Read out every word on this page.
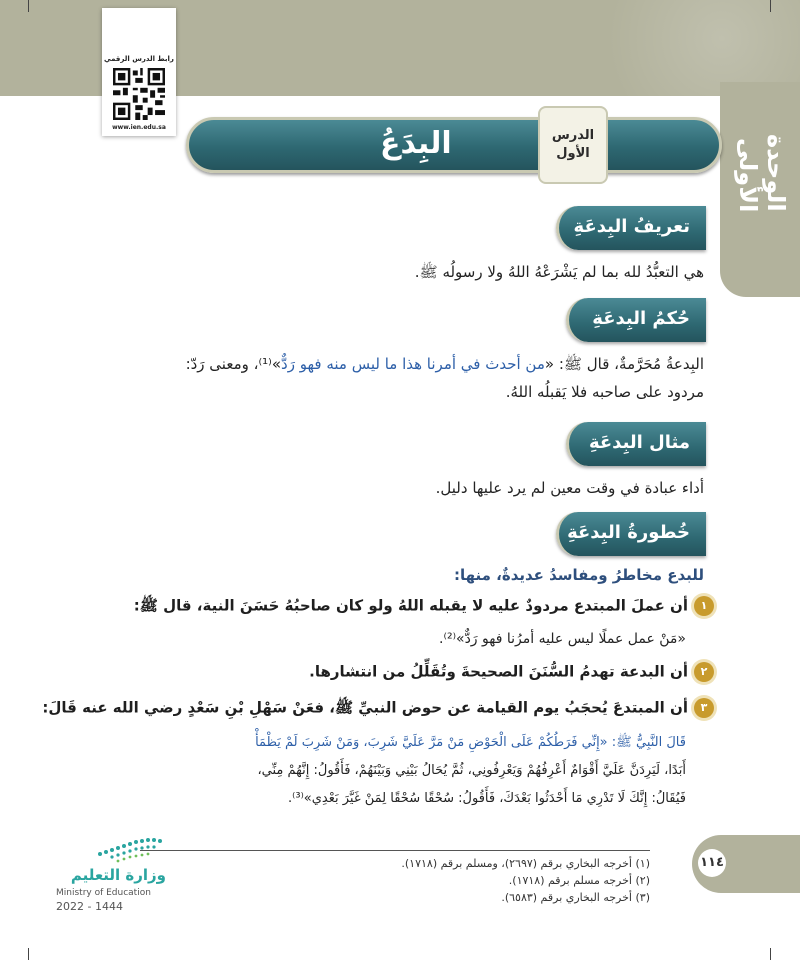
الوحدة الأولى
رابط الدرس الرقمي
www.ien.edu.sa	البِدَعُ	الدرس
الأول
تعريفُ البِدعَةِ
هي التعبُّدُ لله بما لم يَشْرَعْهُ اللهُ ولا رسولُه ﷺ.
حُكمُ البِدعَةِ
البِدعةُ مُحَرَّمةٌ، قال ﷺ: «من أحدث في أمرنا هذا ما ليس منه فهو رَدٌّ»⁽¹⁾، ومعنى رَدّ:
مردود على صاحبه فلا يَقبلُه اللهُ.
مثال البِدعَةِ
أداء عبادة في وقت معين لم يرد عليها دليل.
خُطورةُ البِدعَةِ
للبدع مخاطرُ ومفاسدُ عديدةٌ، منها:
١أن عملَ المبتدع مردودٌ عليه لا يقبله اللهُ ولو كان صاحبُهُ حَسَنَ النية، قال ﷺ:
«مَنْ عمل عملًا ليس عليه أمرُنا فهو رَدٌّ»⁽²⁾.
٢أن البدعة تهدمُ السُّنَنَ الصحيحةَ وتُقَلِّلُ من انتشارها.
٣أن المبتدعَ يُحجَبُ يوم القيامة عن حوض النبيِّ ﷺ، فعَنْ سَهْلِ بْنِ سَعْدٍ رضي الله عنه قَالَ:
قَالَ النَّبِيُّ ﷺ: «إِنِّي فَرَطُكُمْ عَلَى الْحَوْضِ مَنْ مَرَّ عَلَيَّ شَرِبَ، وَمَنْ شَرِبَ لَمْ يَظْمَأْ
أَبَدًا، لَيَرِدَنَّ عَلَيَّ أَقْوَامٌ أَعْرِفُهُمْ وَيَعْرِفُونِي، ثُمَّ يُحَالُ بَيْنِي وَبَيْنَهُمْ، فَأَقُولُ: إِنَّهُمْ مِنِّي،
فَيُقَالُ: إِنَّكَ لَا تَدْرِي مَا أَحْدَثُوا بَعْدَكَ، فَأَقُولُ: سُحْقًا سُحْقًا لِمَنْ غَيَّرَ بَعْدِي»⁽³⁾.
(١) أخرجه البخاري برقم (٢٦٩٧)، ومسلم برقم (١٧١٨).
(٢) أخرجه مسلم برقم (١٧١٨).
(٣) أخرجه البخاري برقم (٦٥٨٣).
١١٤
وزارة التعليم
Ministry of Education
2022 - 1444
